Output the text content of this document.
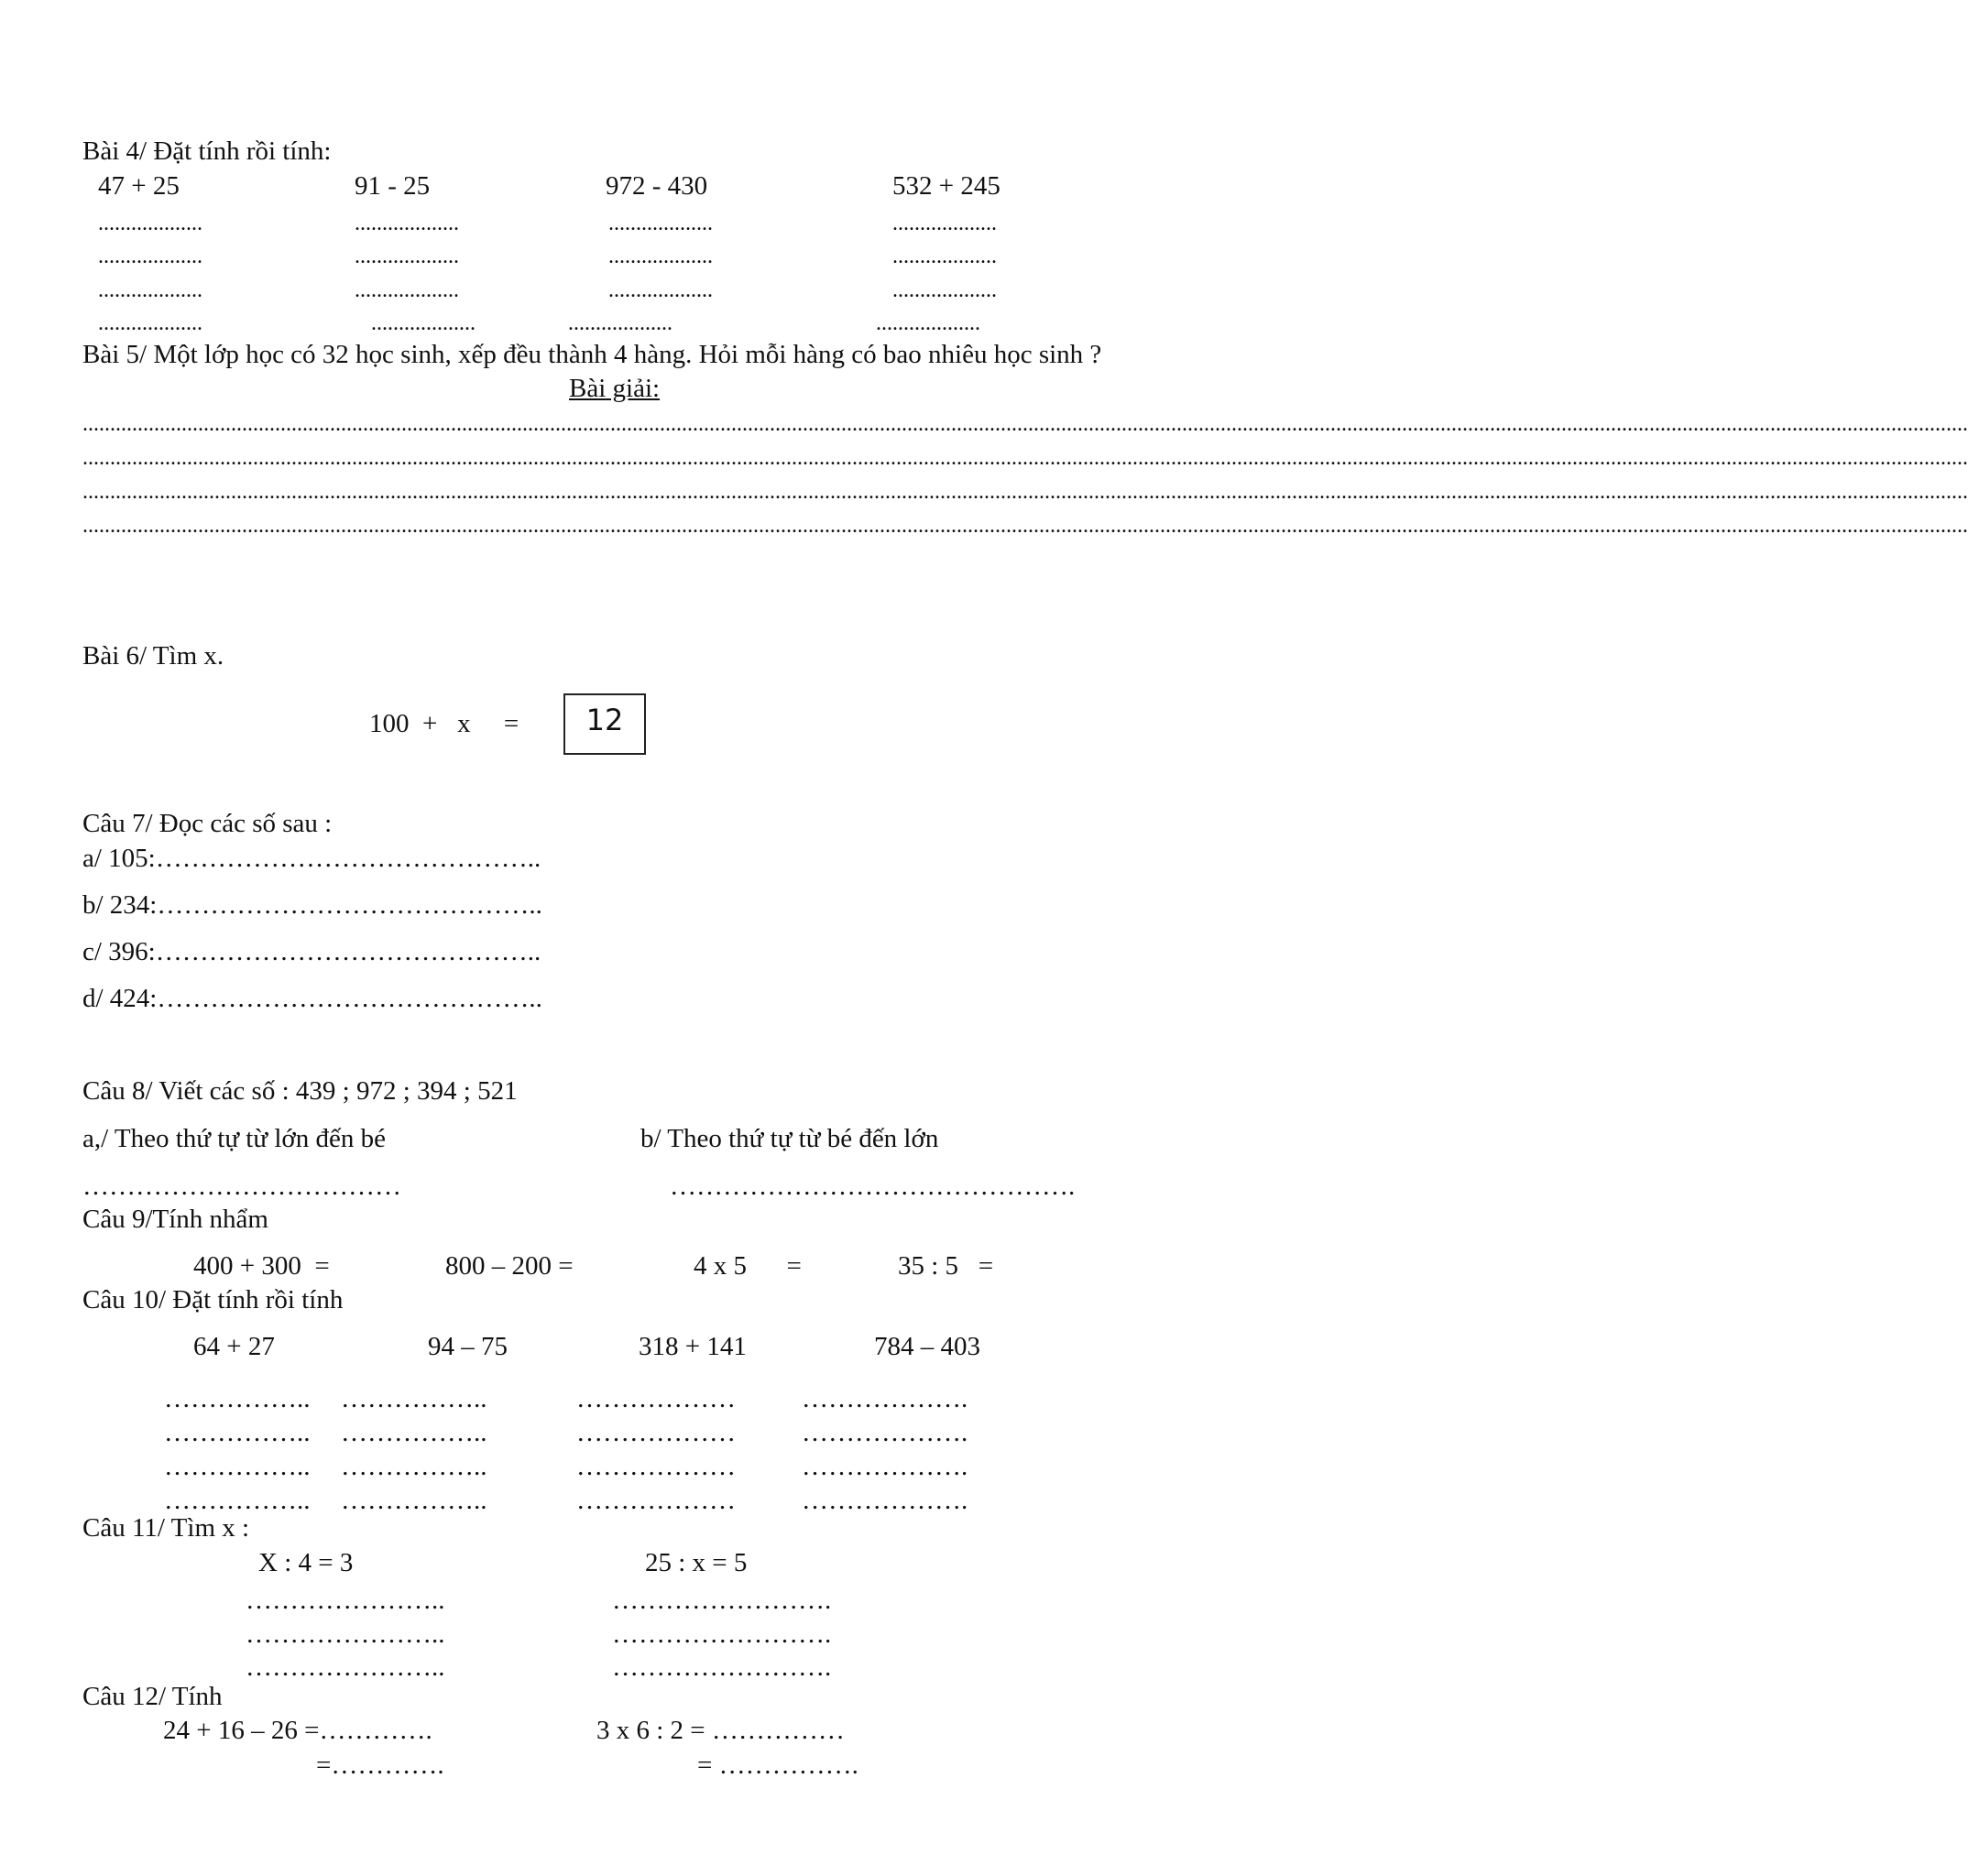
Bài 4/ Đặt tính rồi tính:
47 + 25	91 - 25	972 - 430	532 + 245
...................	...................	...................	...................
...................	...................	...................	...................
...................	...................	...................	...................
...................	...................	...................	...................
Bài 5/ Một lớp học có 32 học sinh, xếp đều thành 4 hàng. Hỏi mỗi hàng có bao nhiêu học sinh ?
Bài giải:
.......................................................................................................................................................................................................................................................................................................................................................
.......................................................................................................................................................................................................................................................................................................................................................
.......................................................................................................................................................................................................................................................................................................................................................
.......................................................................................................................................................................................................................................................................................................................................................
Bài 6/ Tìm x.
100  +   x     = 12
Câu 7/ Đọc các số sau :
a/ 105:……………………………………..
b/ 234:……………………………………..
c/ 396:……………………………………..
d/ 424:……………………………………..
Câu 8/ Viết các số : 439 ; 972 ; 394 ; 521
a,/ Theo thứ tự từ lớn đến bé	b/ Theo thứ tự từ bé đến lớn
………………………………	……………………………………….
Câu 9/Tính nhẩm
400 + 300  =	800 – 200 =	4 x 5      =	35 : 5   =
Câu 10/ Đặt tính rồi tính
64 + 27	94 – 75	318 + 141	784 – 403
…………….. ……………..	……………… ……………….
…………….. ……………..	……………… ……………….
…………….. ……………..	……………… ……………….
…………….. ……………..	……………… ……………….
Câu 11/ Tìm x :
X : 4 = 3	25 : x = 5
…………………..	…………………….
…………………..	…………………….
…………………..	…………………….
Câu 12/ Tính
24 + 16 – 26 =………….	3 x 6 : 2 = ……………
=………….	= …………….
